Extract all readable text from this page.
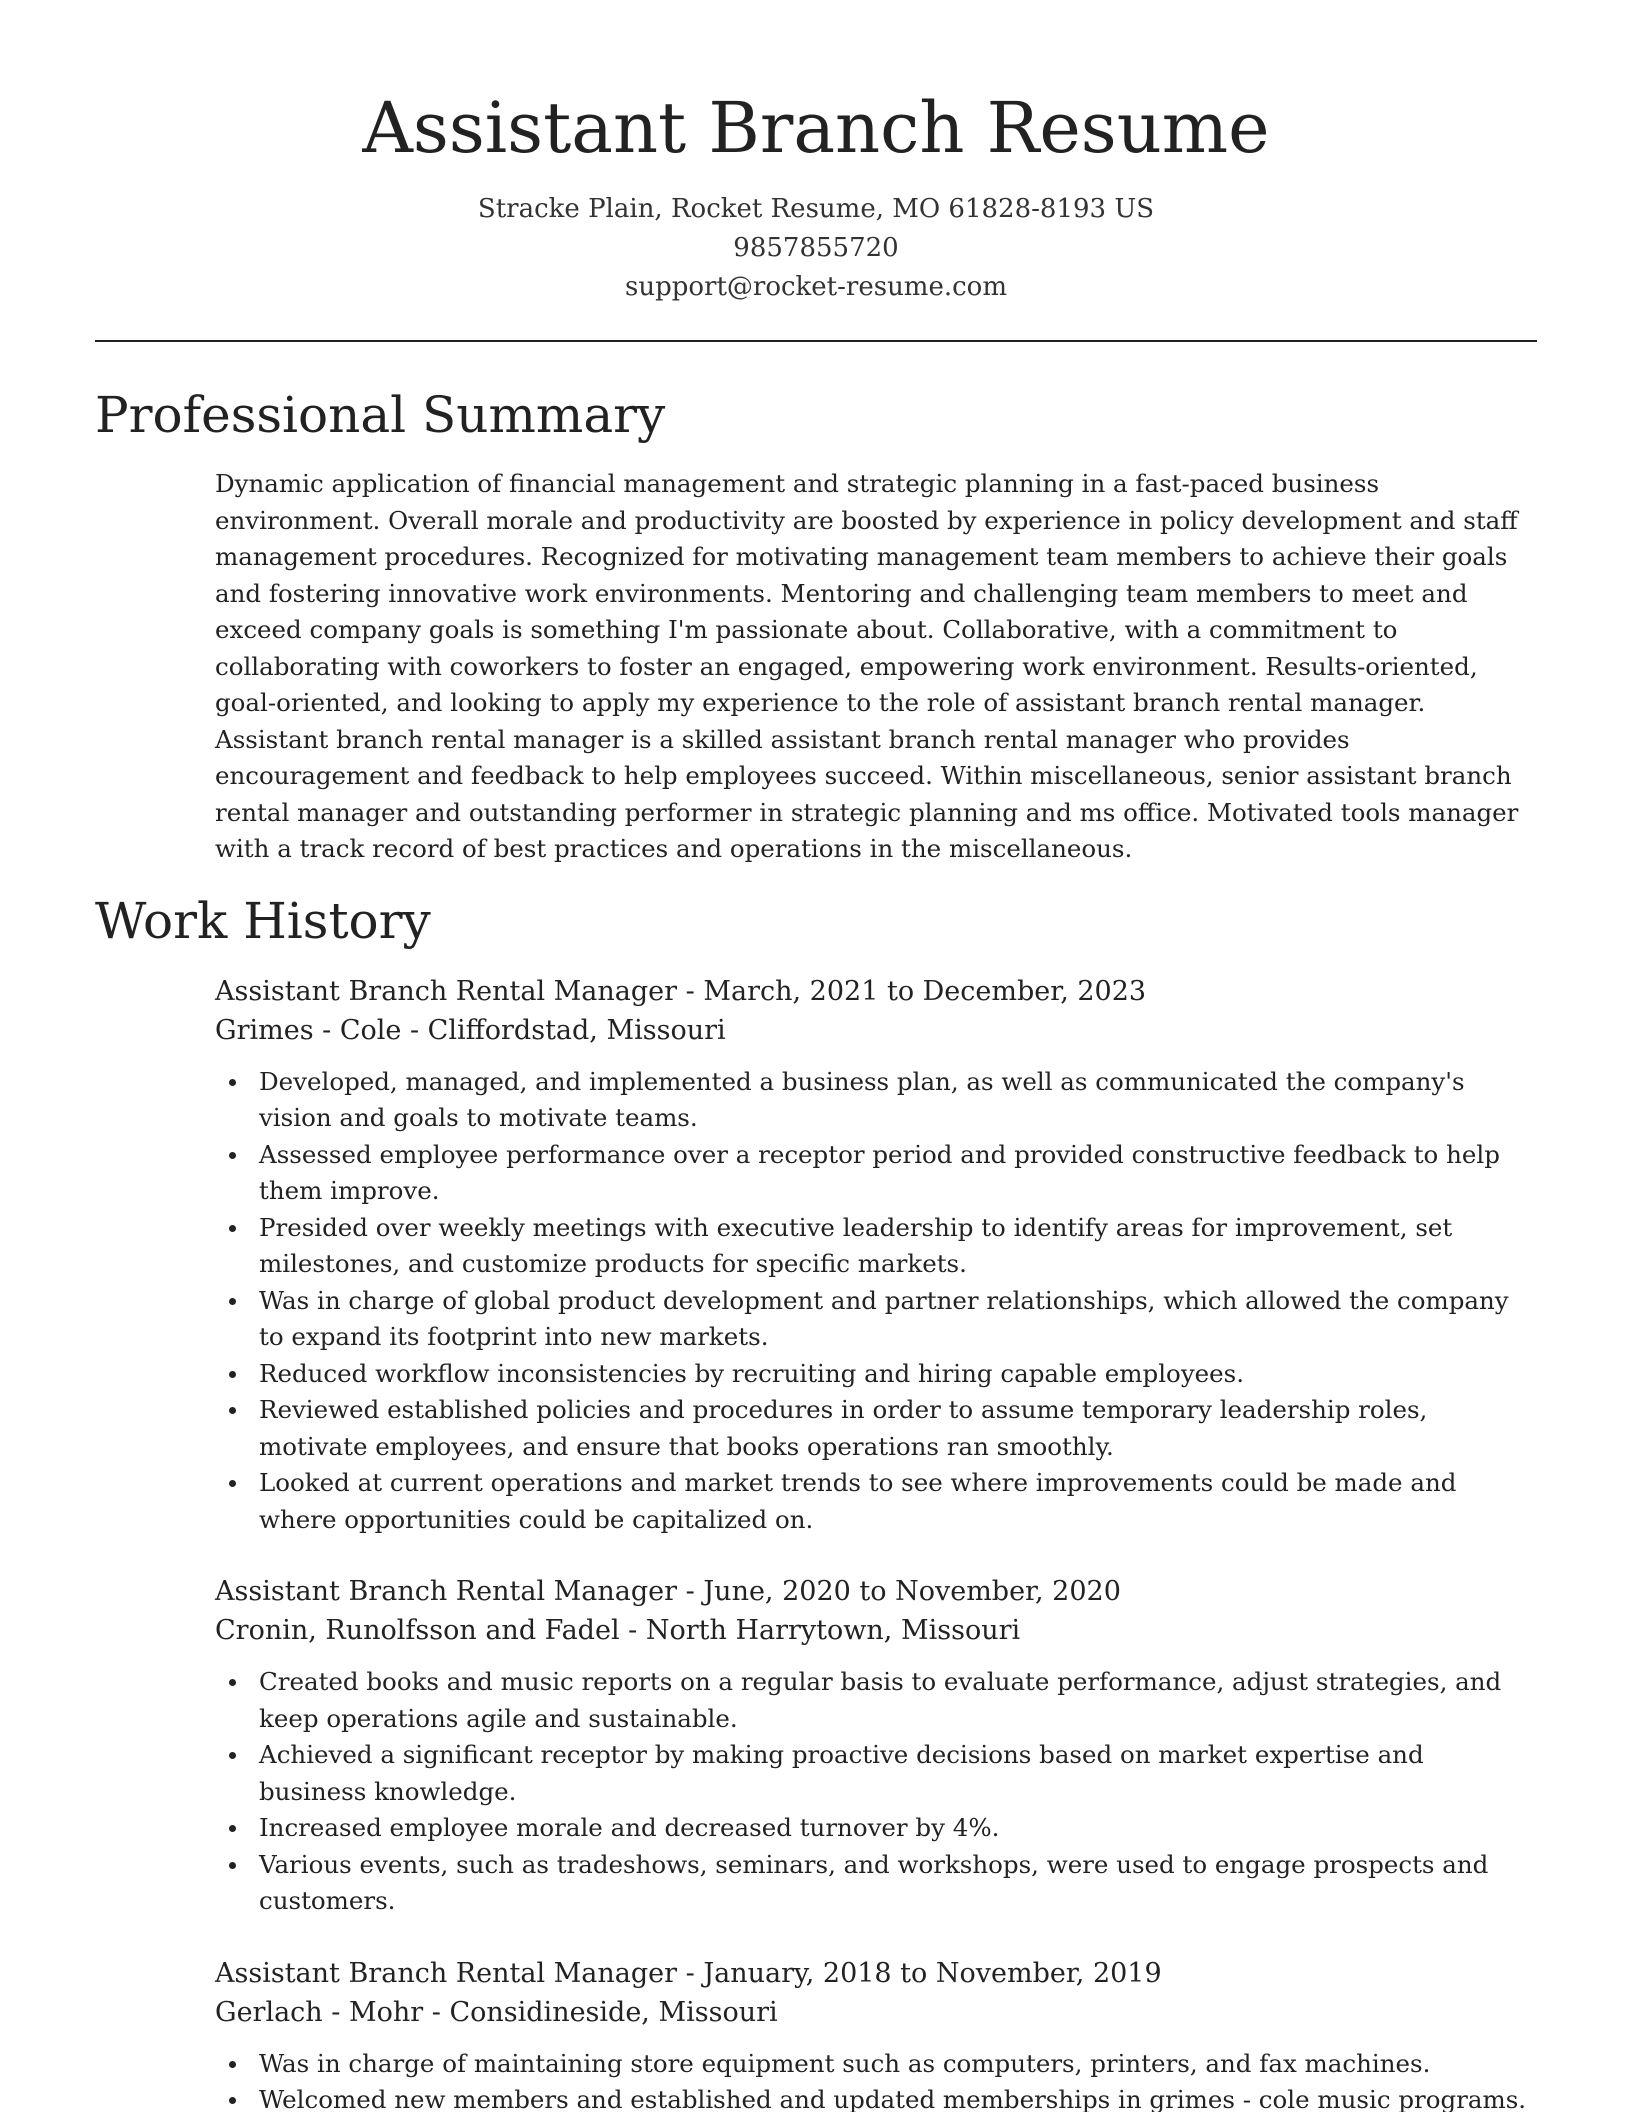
Assistant Branch Resume
Stracke Plain, Rocket Resume, MO 61828-8193 US
9857855720
support@rocket-resume.com
Professional Summary

Dynamic application of financial management and strategic planning in a fast-paced business environment. Overall morale and productivity are boosted by experience in policy development and staff management procedures. Recognized for motivating management team members to achieve their goals and fostering innovative work environments. Mentoring and challenging team members to meet and exceed company goals is something I'm passionate about. Collaborative, with a commitment to collaborating with coworkers to foster an engaged, empowering work environment. Results-oriented, goal-oriented, and looking to apply my experience to the role of assistant branch rental manager. Assistant branch rental manager is a skilled assistant branch rental manager who provides encouragement and feedback to help employees succeed. Within miscellaneous, senior assistant branch rental manager and outstanding performer in strategic planning and ms office. Motivated tools manager with a track record of best practices and operations in the miscellaneous.

Work History
Assistant Branch Rental Manager - March, 2021 to December, 2023
Grimes - Cole - Cliffordstad, Missouri
Developed, managed, and implemented a business plan, as well as communicated the company's vision and goals to motivate teams.
Assessed employee performance over a receptor period and provided constructive feedback to help them improve.
Presided over weekly meetings with executive leadership to identify areas for improvement, set milestones, and customize products for specific markets.
Was in charge of global product development and partner relationships, which allowed the company to expand its footprint into new markets.
Reduced workflow inconsistencies by recruiting and hiring capable employees.
Reviewed established policies and procedures in order to assume temporary leadership roles, motivate employees, and ensure that books operations ran smoothly.
Looked at current operations and market trends to see where improvements could be made and where opportunities could be capitalized on.
Assistant Branch Rental Manager - June, 2020 to November, 2020
Cronin, Runolfsson and Fadel - North Harrytown, Missouri
Created books and music reports on a regular basis to evaluate performance, adjust strategies, and keep operations agile and sustainable.
Achieved a significant receptor by making proactive decisions based on market expertise and business knowledge.
Increased employee morale and decreased turnover by 4%.
Various events, such as tradeshows, seminars, and workshops, were used to engage prospects and customers.
Assistant Branch Rental Manager - January, 2018 to November, 2019
Gerlach - Mohr - Considineside, Missouri
Was in charge of maintaining store equipment such as computers, printers, and fax machines.
Welcomed new members and established and updated memberships in grimes - cole music programs.
